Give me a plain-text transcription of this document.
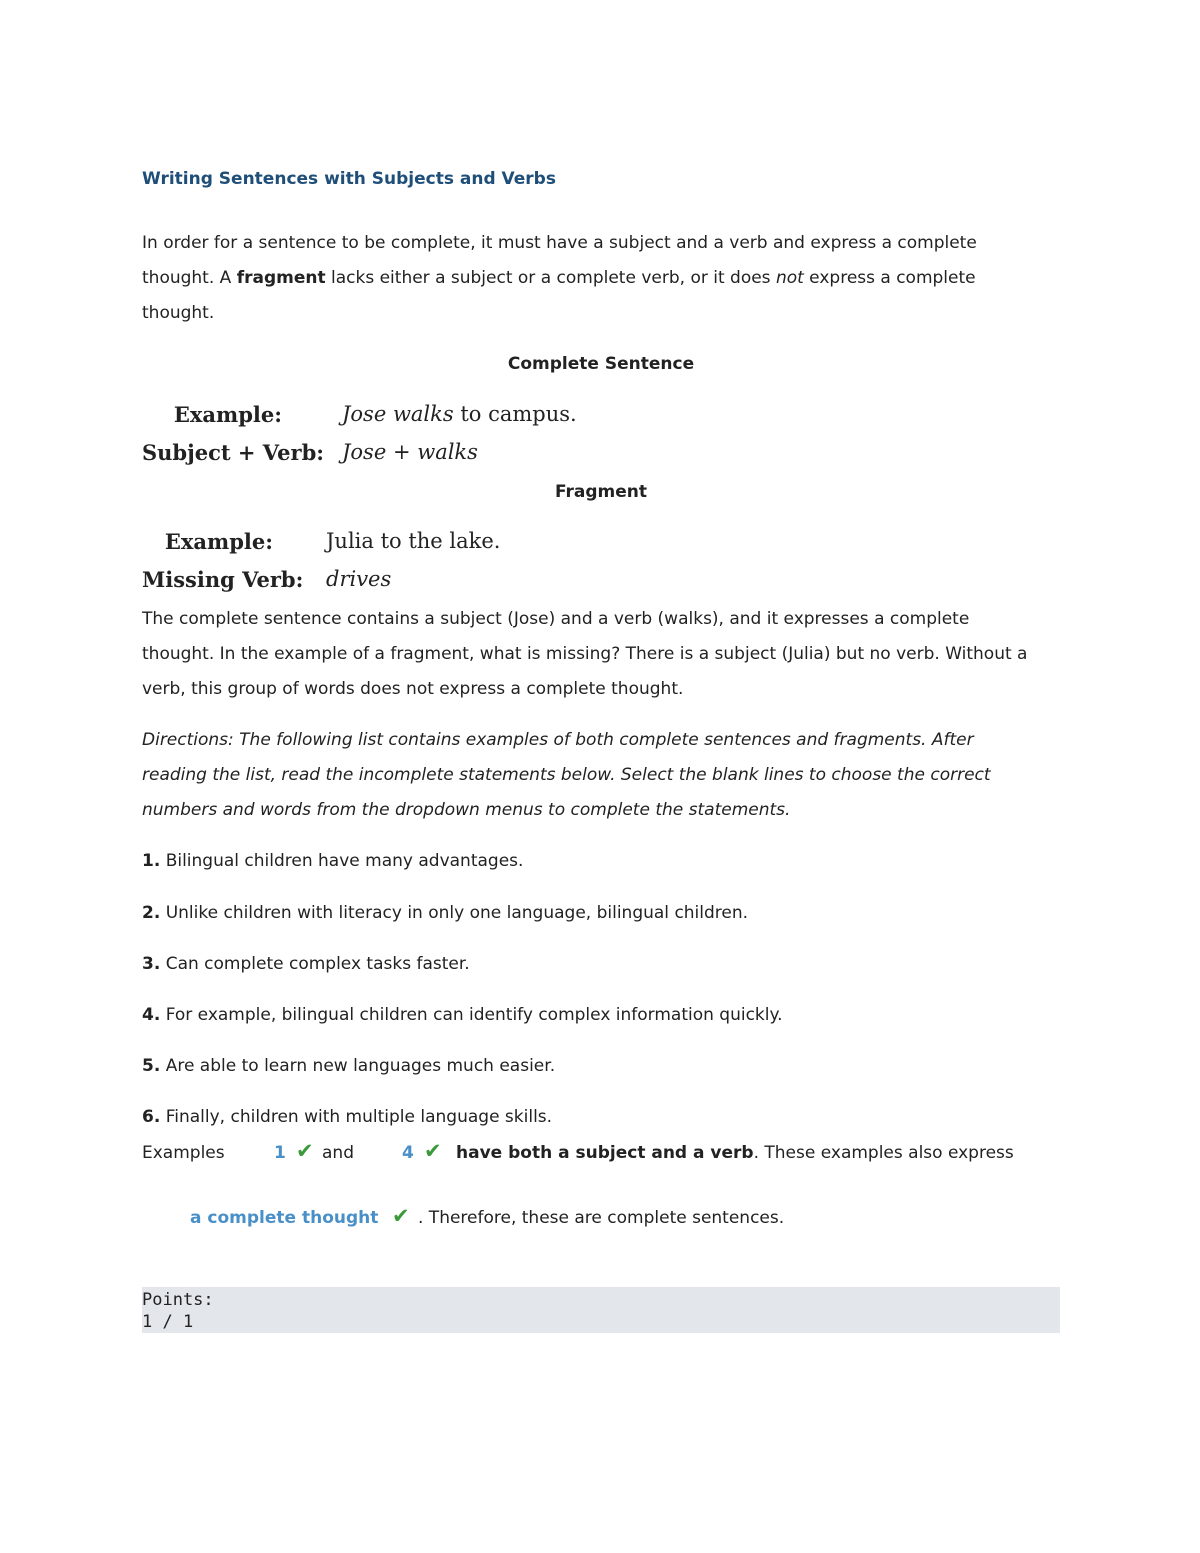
Writing Sentences with Subjects and Verbs

In order for a sentence to be complete, it must have a subject and a verb and express a complete thought. A fragment lacks either a subject or a complete verb, or it does not express a complete thought.

Complete Sentence
Example:	Jose walks to campus.
Subject + Verb: Jose + walks
Fragment
Example:	Julia to the lake.
Missing Verb: drives

The complete sentence contains a subject (Jose) and a verb (walks), and it expresses a complete thought. In the example of a fragment, what is missing? There is a subject (Julia) but no verb. Without a verb, this group of words does not express a complete thought.

Directions: The following list contains examples of both complete sentences and fragments. After reading the list, read the incomplete statements below. Select the blank lines to choose the correct numbers and words from the dropdown menus to complete the statements.

1. Bilingual children have many advantages.
2. Unlike children with literacy in only one language, bilingual children.
3. Can complete complex tasks faster.
4. For example, bilingual children can identify complex information quickly.
5. Are able to learn new languages much easier.
6. Finally, children with multiple language skills.
Examples	1 ✔ and	4 ✔ have both a subject and a verb. These examples also express
a complete thought ✔ . Therefore, these are complete sentences.
Points:
1 / 1
